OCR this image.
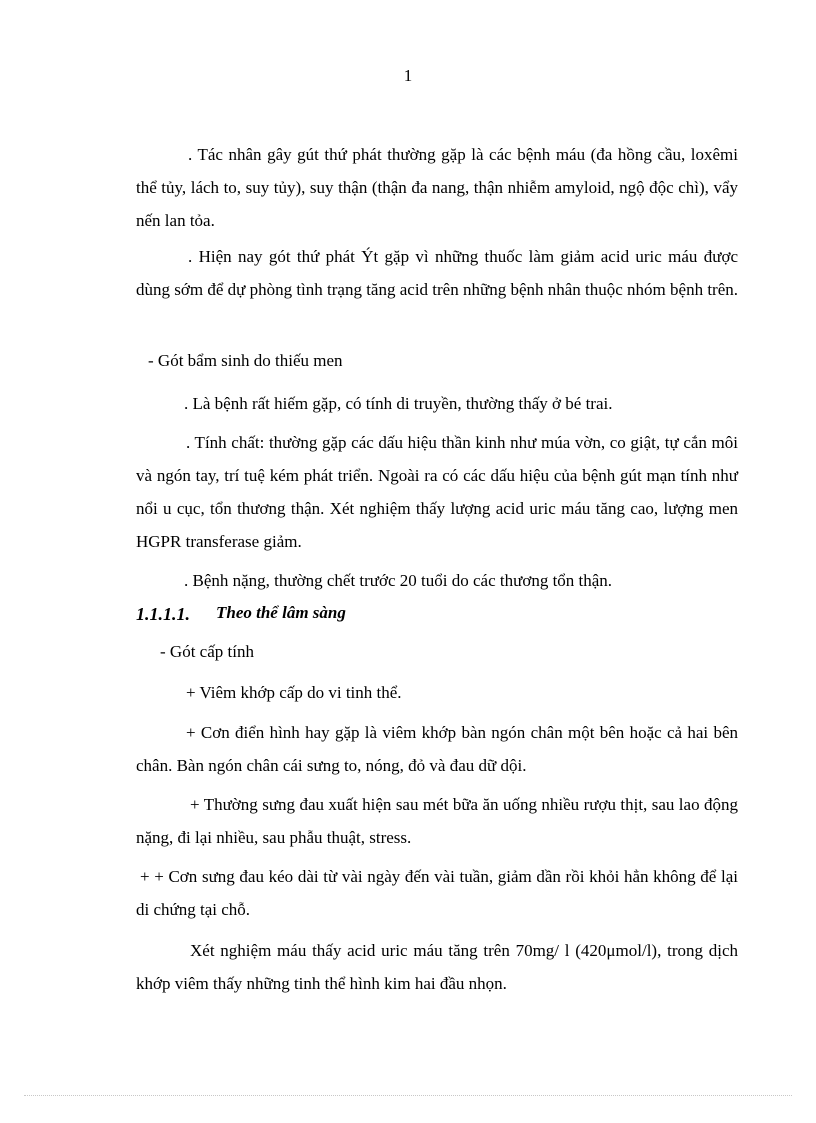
1

. Tác nhân gây gút thứ phát thường gặp là các bệnh máu (đa hồng cầu, loxêmi thể tủy, lách to, suy tủy), suy thận (thận đa nang, thận nhiễm amyloid, ngộ độc chì), vẩy nến lan tỏa.

. Hiện nay gót thứ phát Ýt gặp vì những thuốc làm giảm acid uric máu được dùng sớm để dự phòng tình trạng tăng acid trên những bệnh nhân thuộc nhóm bệnh trên.

- Gót bẩm sinh do thiếu men

. Là bệnh rất hiếm gặp, có tính di truyền, thường thấy ở bé trai.

. Tính chất: thường gặp các dấu hiệu thần kinh như múa vờn, co giật, tự cắn môi và ngón tay, trí tuệ kém phát triển. Ngoài ra có các dấu hiệu của bệnh gút mạn tính như nổi u cục, tổn thương thận. Xét nghiệm thấy lượng acid uric máu tăng cao, lượng men HGPR transferase giảm.

. Bệnh nặng, thường chết trước 20 tuổi do các thương tổn thận.

1.1.1.1. Theo thể lâm sàng

- Gót cấp tính

+ Viêm khớp cấp do vi tinh thể.

+ Cơn điển hình hay gặp là viêm khớp bàn ngón chân một bên hoặc cả hai bên chân. Bàn ngón chân cái sưng to, nóng, đỏ và đau dữ dội.

+ Thường sưng đau xuất hiện sau mét bữa ăn uống nhiều rượu thịt, sau lao động nặng, đi lại nhiều, sau phẫu thuật, stress.

+ + Cơn sưng đau kéo dài từ vài ngày đến vài tuần, giảm dần rồi khỏi hẳn không để lại di chứng tại chỗ.

Xét nghiệm máu thấy acid uric máu tăng trên 70mg/ l (420μmol/l), trong dịch khớp viêm thấy những tinh thể hình kim hai đầu nhọn.
